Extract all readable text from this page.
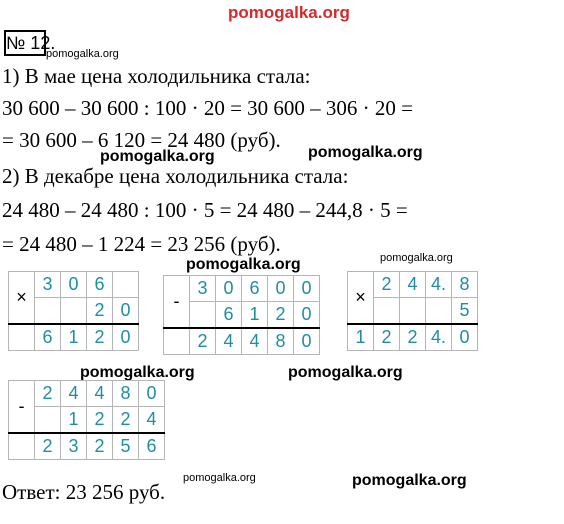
pomogalka.org
pomogalka.org
pomogalka.org	pomogalka.org
pomogalka.org	pomogalka.org
pomogalka.org	pomogalka.org
pomogalka.org	pomogalka.org
№ 12.
1) В мае цена холодильника стала:
30 600 – 30 600 : 100 · 20 = 30 600 – 306 · 20 =
= 30 600 – 6 120 = 24 480 (руб).
2) В декабре цена холодильника стала:
24 480 – 24 480 : 100 · 5 = 24 480 – 244,8 · 5 =
= 24 480 – 1 224 = 23 256 (руб).
×	3	0	6	
			2	0
	6	1	2	0
-	3	0	6	0	0
		6	1	2	0
	2	4	4	8	0
×	2	4	4.	8
				5
1	2	2	4.	0
-	2	4	4	8	0
		1	2	2	4
	2	3	2	5	6
Ответ: 23 256 руб.
